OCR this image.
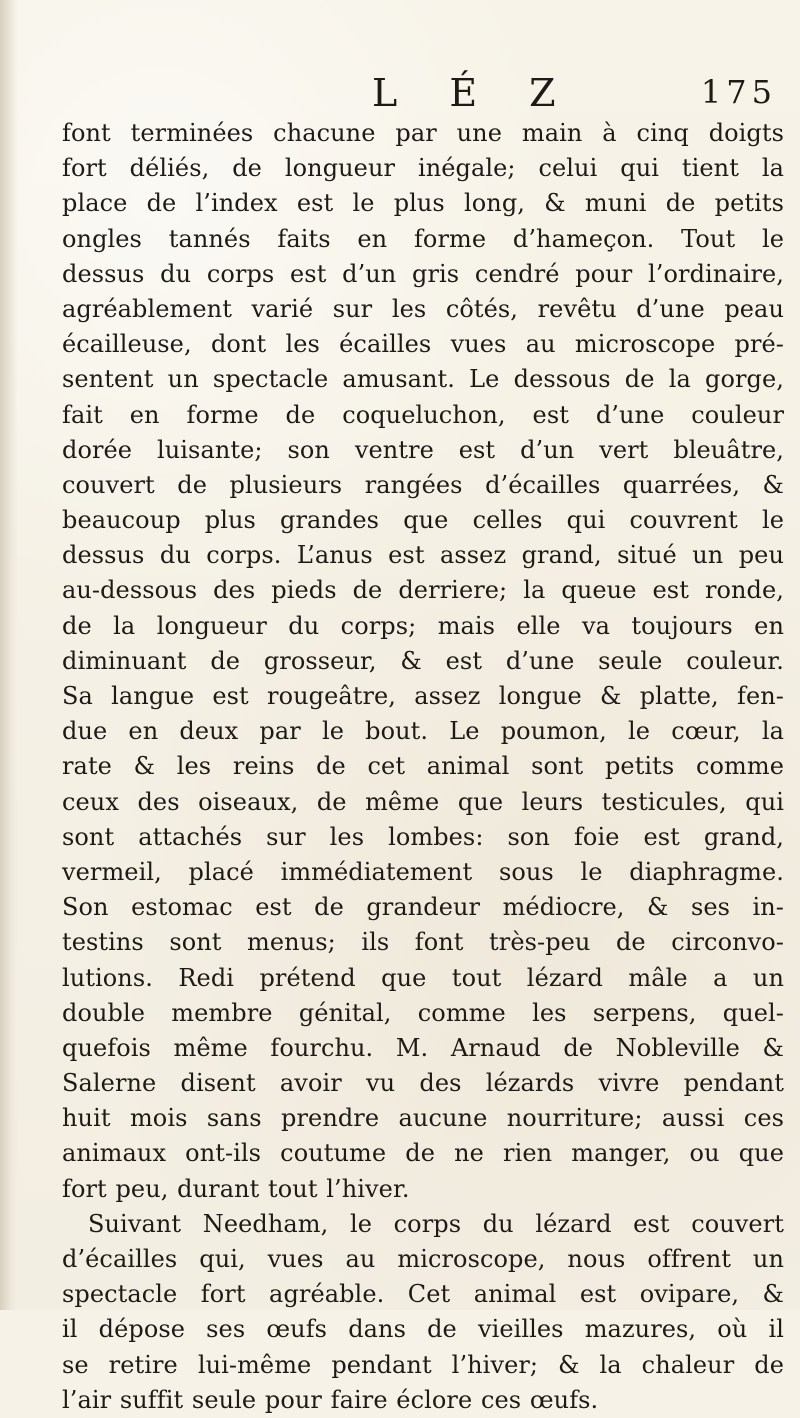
L É Z	175
font terminées chacune par une main à cinq doigts
fort déliés, de longueur inégale; celui qui tient la
place de l’index est le plus long, & muni de petits
ongles tannés faits en forme d’hameçon. Tout le
dessus du corps est d’un gris cendré pour l’ordinaire,
agréablement varié sur les côtés, revêtu d’une peau
écailleuse, dont les écailles vues au microscope pré-
sentent un spectacle amusant. Le dessous de la gorge,
fait en forme de coqueluchon, est d’une couleur
dorée luisante; son ventre est d’un vert bleuâtre,
couvert de plusieurs rangées d’écailles quarrées, &
beaucoup plus grandes que celles qui couvrent le
dessus du corps. L’anus est assez grand, situé un peu
au-dessous des pieds de derriere; la queue est ronde,
de la longueur du corps; mais elle va toujours en
diminuant de grosseur, & est d’une seule couleur.
Sa langue est rougeâtre, assez longue & platte, fen-
due en deux par le bout. Le poumon, le cœur, la
rate & les reins de cet animal sont petits comme
ceux des oiseaux, de même que leurs testicules, qui
sont attachés sur les lombes: son foie est grand,
vermeil, placé immédiatement sous le diaphragme.
Son estomac est de grandeur médiocre, & ses in-
testins sont menus; ils font très-peu de circonvo-
lutions. Redi prétend que tout lézard mâle a un
double membre génital, comme les serpens, quel-
quefois même fourchu. M. Arnaud de Nobleville &
Salerne disent avoir vu des lézards vivre pendant
huit mois sans prendre aucune nourriture; aussi ces
animaux ont-ils coutume de ne rien manger, ou que
fort peu, durant tout l’hiver.
Suivant Needham, le corps du lézard est couvert
d’écailles qui, vues au microscope, nous offrent un
spectacle fort agréable. Cet animal est ovipare, &
il dépose ses œufs dans de vieilles mazures, où il
se retire lui-même pendant l’hiver; & la chaleur de
l’air suffit seule pour faire éclore ces œufs.
